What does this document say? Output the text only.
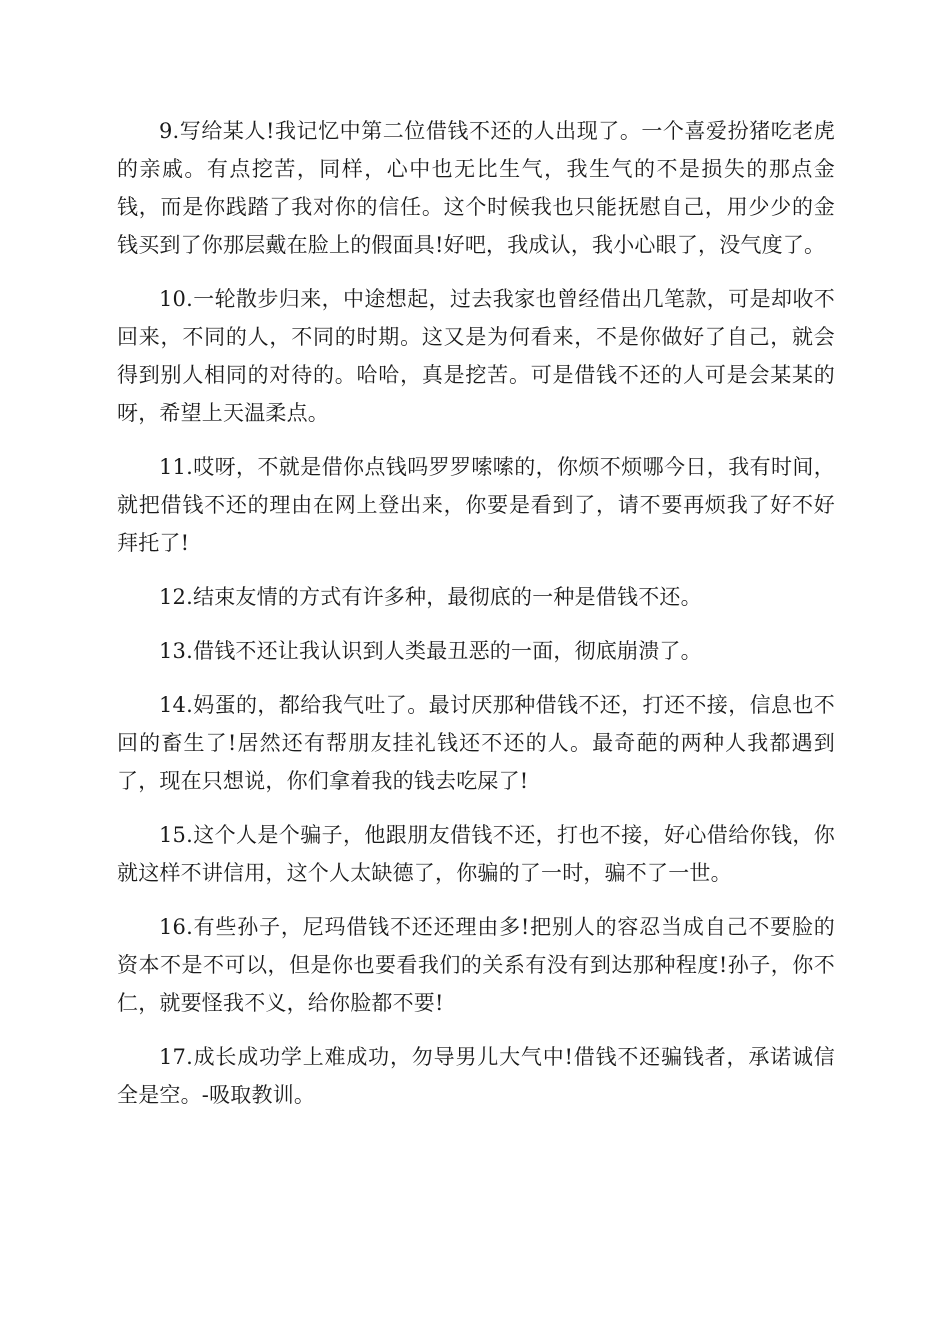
9.写给某人!我记忆中第二位借钱不还的人出现了。一个喜爱扮猪吃老虎的亲戚。有点挖苦，同样，心中也无比生气，我生气的不是损失的那点金钱，而是你践踏了我对你的信任。这个时候我也只能抚慰自己，用少少的金钱买到了你那层戴在脸上的假面具!好吧，我成认，我小心眼了，没气度了。

10.一轮散步归来，中途想起，过去我家也曾经借出几笔款，可是却收不回来，不同的人，不同的时期。这又是为何看来，不是你做好了自己，就会得到别人相同的对待的。哈哈，真是挖苦。可是借钱不还的人可是会某某的呀，希望上天温柔点。

11.哎呀，不就是借你点钱吗罗罗嗦嗦的，你烦不烦哪今日，我有时间，就把借钱不还的理由在网上登出来，你要是看到了，请不要再烦我了好不好拜托了!

12.结束友情的方式有许多种，最彻底的一种是借钱不还。

13.借钱不还让我认识到人类最丑恶的一面，彻底崩溃了。

14.妈蛋的，都给我气吐了。最讨厌那种借钱不还，打还不接，信息也不回的畜生了!居然还有帮朋友挂礼钱还不还的人。最奇葩的两种人我都遇到了，现在只想说，你们拿着我的钱去吃屎了!

15.这个人是个骗子，他跟朋友借钱不还，打也不接，好心借给你钱，你就这样不讲信用，这个人太缺德了，你骗的了一时，骗不了一世。

16.有些孙子，尼玛借钱不还还理由多!把别人的容忍当成自己不要脸的资本不是不可以，但是你也要看我们的关系有没有到达那种程度!孙子，你不仁，就要怪我不义，给你脸都不要!

17.成长成功学上难成功，勿导男儿大气中!借钱不还骗钱者，承诺诚信全是空。-吸取教训。
